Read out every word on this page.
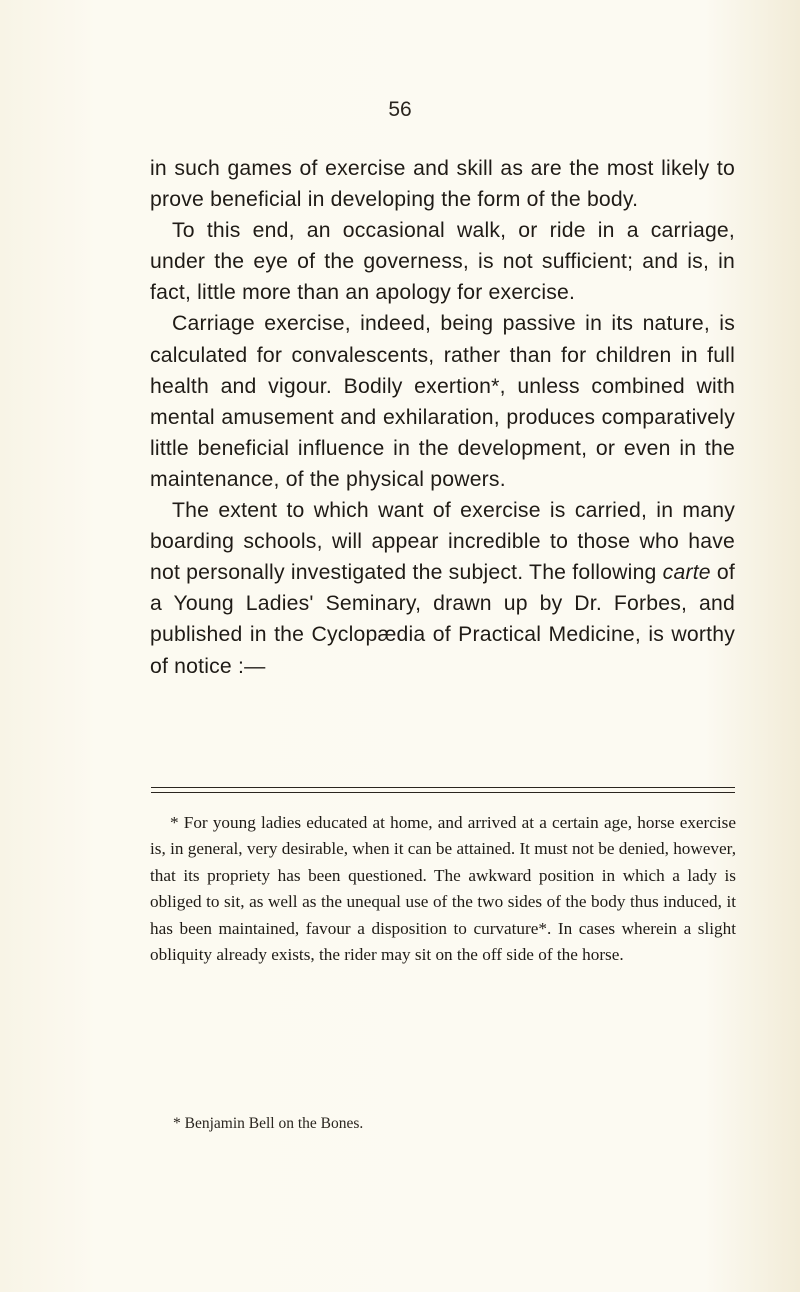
56

in such games of exercise and skill as are the most likely to prove beneficial in developing the form of the body.

To this end, an occasional walk, or ride in a carriage, under the eye of the governess, is not sufficient; and is, in fact, little more than an apology for exercise.

Carriage exercise, indeed, being passive in its nature, is calculated for convalescents, rather than for children in full health and vigour. Bodily exertion*, unless combined with mental amusement and exhilaration, produces comparatively little beneficial influence in the development, or even in the maintenance, of the physical powers.

The extent to which want of exercise is carried, in many boarding schools, will appear incredible to those who have not personally investigated the subject. The following carte of a Young Ladies' Seminary, drawn up by Dr. Forbes, and published in the Cyclopædia of Practical Medicine, is worthy of notice :—

* For young ladies educated at home, and arrived at a certain age, horse exercise is, in general, very desirable, when it can be attained. It must not be denied, however, that its propriety has been questioned. The awkward position in which a lady is obliged to sit, as well as the unequal use of the two sides of the body thus induced, it has been maintained, favour a disposition to curvature*. In cases wherein a slight obliquity already exists, the rider may sit on the off side of the horse.

* Benjamin Bell on the Bones.
